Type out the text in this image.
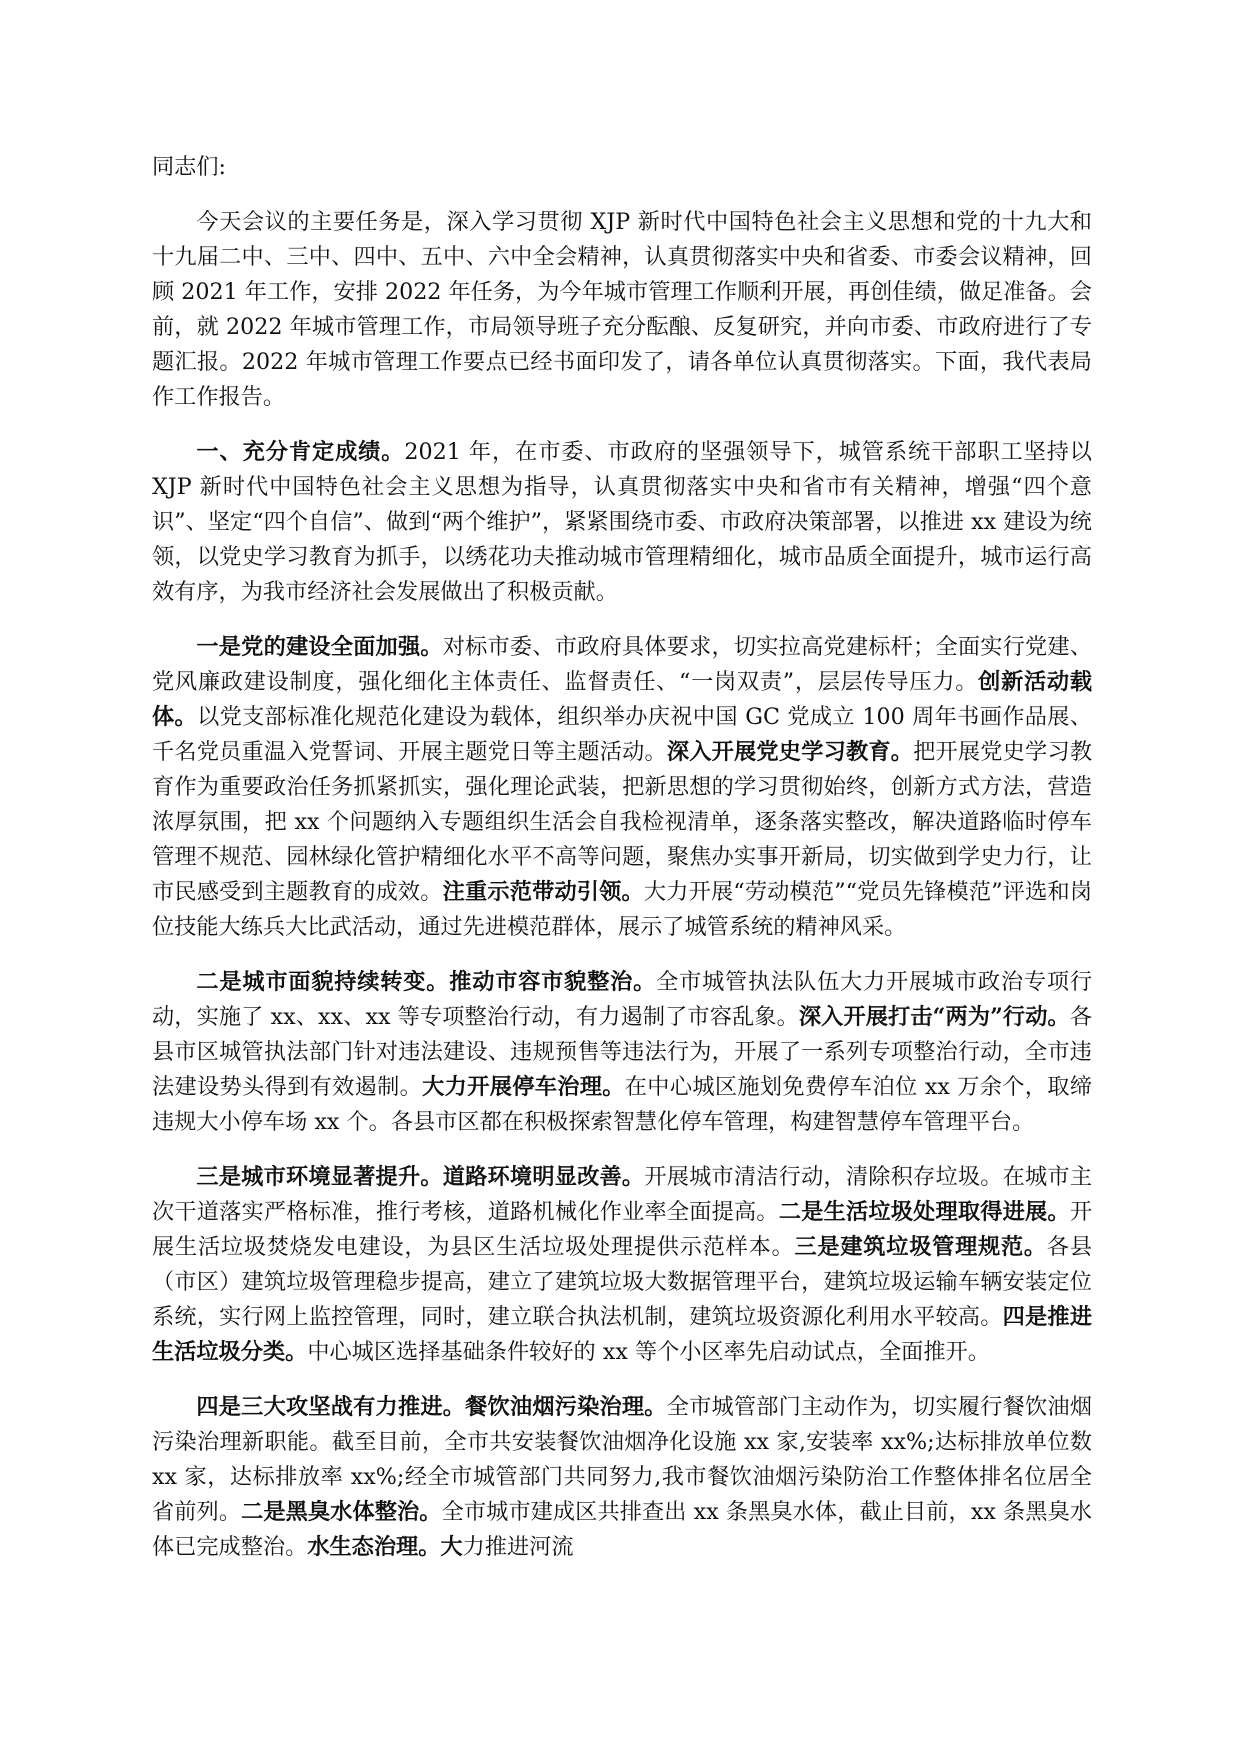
同志们:

今天会议的主要任务是，深入学习贯彻 XJP 新时代中国特色社会主义思想和党的十九大和十九届二中、三中、四中、五中、六中全会精神，认真贯彻落实中央和省委、市委会议精神，回顾 2021 年工作，安排 2022 年任务，为今年城市管理工作顺利开展，再创佳绩，做足准备。会前，就 2022 年城市管理工作，市局领导班子充分酝酿、反复研究，并向市委、市政府进行了专题汇报。2022 年城市管理工作要点已经书面印发了，请各单位认真贯彻落实。下面，我代表局作工作报告。

一、充分肯定成绩。2021 年，在市委、市政府的坚强领导下，城管系统干部职工坚持以 XJP 新时代中国特色社会主义思想为指导，认真贯彻落实中央和省市有关精神，增强“四个意识”、坚定“四个自信”、做到“两个维护”，紧紧围绕市委、市政府决策部署，以推进 xx 建设为统领，以党史学习教育为抓手，以绣花功夫推动城市管理精细化，城市品质全面提升，城市运行高效有序，为我市经济社会发展做出了积极贡献。

一是党的建设全面加强。对标市委、市政府具体要求，切实拉高党建标杆；全面实行党建、党风廉政建设制度，强化细化主体责任、监督责任、“一岗双责”，层层传导压力。创新活动载体。以党支部标准化规范化建设为载体，组织举办庆祝中国 GC 党成立 100 周年书画作品展、千名党员重温入党誓词、开展主题党日等主题活动。深入开展党史学习教育。把开展党史学习教育作为重要政治任务抓紧抓实，强化理论武装，把新思想的学习贯彻始终，创新方式方法，营造浓厚氛围，把 xx 个问题纳入专题组织生活会自我检视清单，逐条落实整改，解决道路临时停车管理不规范、园林绿化管护精细化水平不高等问题，聚焦办实事开新局，切实做到学史力行，让市民感受到主题教育的成效。注重示范带动引领。大力开展“劳动模范”“党员先锋模范”评选和岗位技能大练兵大比武活动，通过先进模范群体，展示了城管系统的精神风采。

二是城市面貌持续转变。推动市容市貌整治。全市城管执法队伍大力开展城市政治专项行动，实施了 xx、xx、xx 等专项整治行动，有力遏制了市容乱象。深入开展打击“两为”行动。各县市区城管执法部门针对违法建设、违规预售等违法行为，开展了一系列专项整治行动，全市违法建设势头得到有效遏制。大力开展停车治理。在中心城区施划免费停车泊位 xx 万余个，取缔违规大小停车场 xx 个。各县市区都在积极探索智慧化停车管理，构建智慧停车管理平台。

三是城市环境显著提升。道路环境明显改善。开展城市清洁行动，清除积存垃圾。在城市主次干道落实严格标准，推行考核，道路机械化作业率全面提高。二是生活垃圾处理取得进展。开展生活垃圾焚烧发电建设，为县区生活垃圾处理提供示范样本。三是建筑垃圾管理规范。各县（市区）建筑垃圾管理稳步提高，建立了建筑垃圾大数据管理平台，建筑垃圾运输车辆安装定位系统，实行网上监控管理，同时，建立联合执法机制，建筑垃圾资源化利用水平较高。四是推进生活垃圾分类。中心城区选择基础条件较好的 xx 等个小区率先启动试点，全面推开。

四是三大攻坚战有力推进。餐饮油烟污染治理。全市城管部门主动作为，切实履行餐饮油烟污染治理新职能。截至目前，全市共安装餐饮油烟净化设施 xx 家,安装率 xx%;达标排放单位数 xx 家，达标排放率 xx%;经全市城管部门共同努力,我市餐饮油烟污染防治工作整体排名位居全省前列。二是黑臭水体整治。全市城市建成区共排查出 xx 条黑臭水体，截止目前，xx 条黑臭水体已完成整治。水生态治理。大力推进河流
